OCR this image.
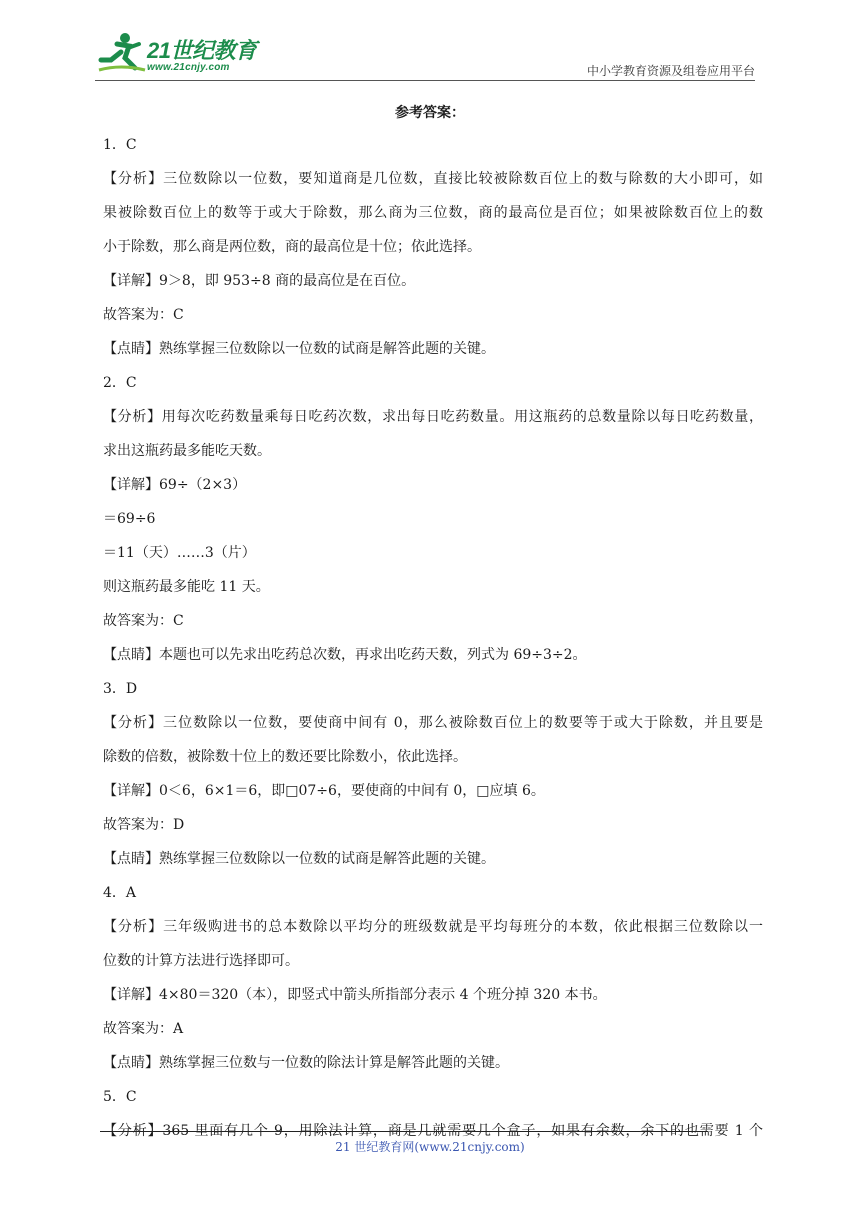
21世纪教育
www.21cnjy.com	中小学教育资源及组卷应用平台
参考答案：
1．C
【分析】三位数除以一位数，要知道商是几位数，直接比较被除数百位上的数与除数的大小即可，如
果被除数百位上的数等于或大于除数，那么商为三位数，商的最高位是百位；如果被除数百位上的数
小于除数，那么商是两位数，商的最高位是十位；依此选择。
【详解】9＞8，即 953÷8 商的最高位是在百位。
故答案为：C
【点睛】熟练掌握三位数除以一位数的试商是解答此题的关键。
2．C
【分析】用每次吃药数量乘每日吃药次数，求出每日吃药数量。用这瓶药的总数量除以每日吃药数量，
求出这瓶药最多能吃天数。
【详解】69÷（2×3）
＝69÷6
＝11（天）……3（片）
则这瓶药最多能吃 11 天。
故答案为：C
【点睛】本题也可以先求出吃药总次数，再求出吃药天数，列式为 69÷3÷2。
3．D
【分析】三位数除以一位数，要使商中间有 0，那么被除数百位上的数要等于或大于除数，并且要是
除数的倍数，被除数十位上的数还要比除数小，依此选择。
【详解】0＜6，6×1＝6，即□07÷6，要使商的中间有 0，□应填 6。
故答案为：D
【点睛】熟练掌握三位数除以一位数的试商是解答此题的关键。
4．A
【分析】三年级购进书的总本数除以平均分的班级数就是平均每班分的本数，依此根据三位数除以一
位数的计算方法进行选择即可。
【详解】4×80＝320（本），即竖式中箭头所指部分表示 4 个班分掉 320 本书。
故答案为：A
【点睛】熟练掌握三位数与一位数的除法计算是解答此题的关键。
5．C
【分析】365 里面有几个 9，用除法计算，商是几就需要几个盒子，如果有余数，余下的也需要 1 个
21 世纪教育网(www.21cnjy.com)
